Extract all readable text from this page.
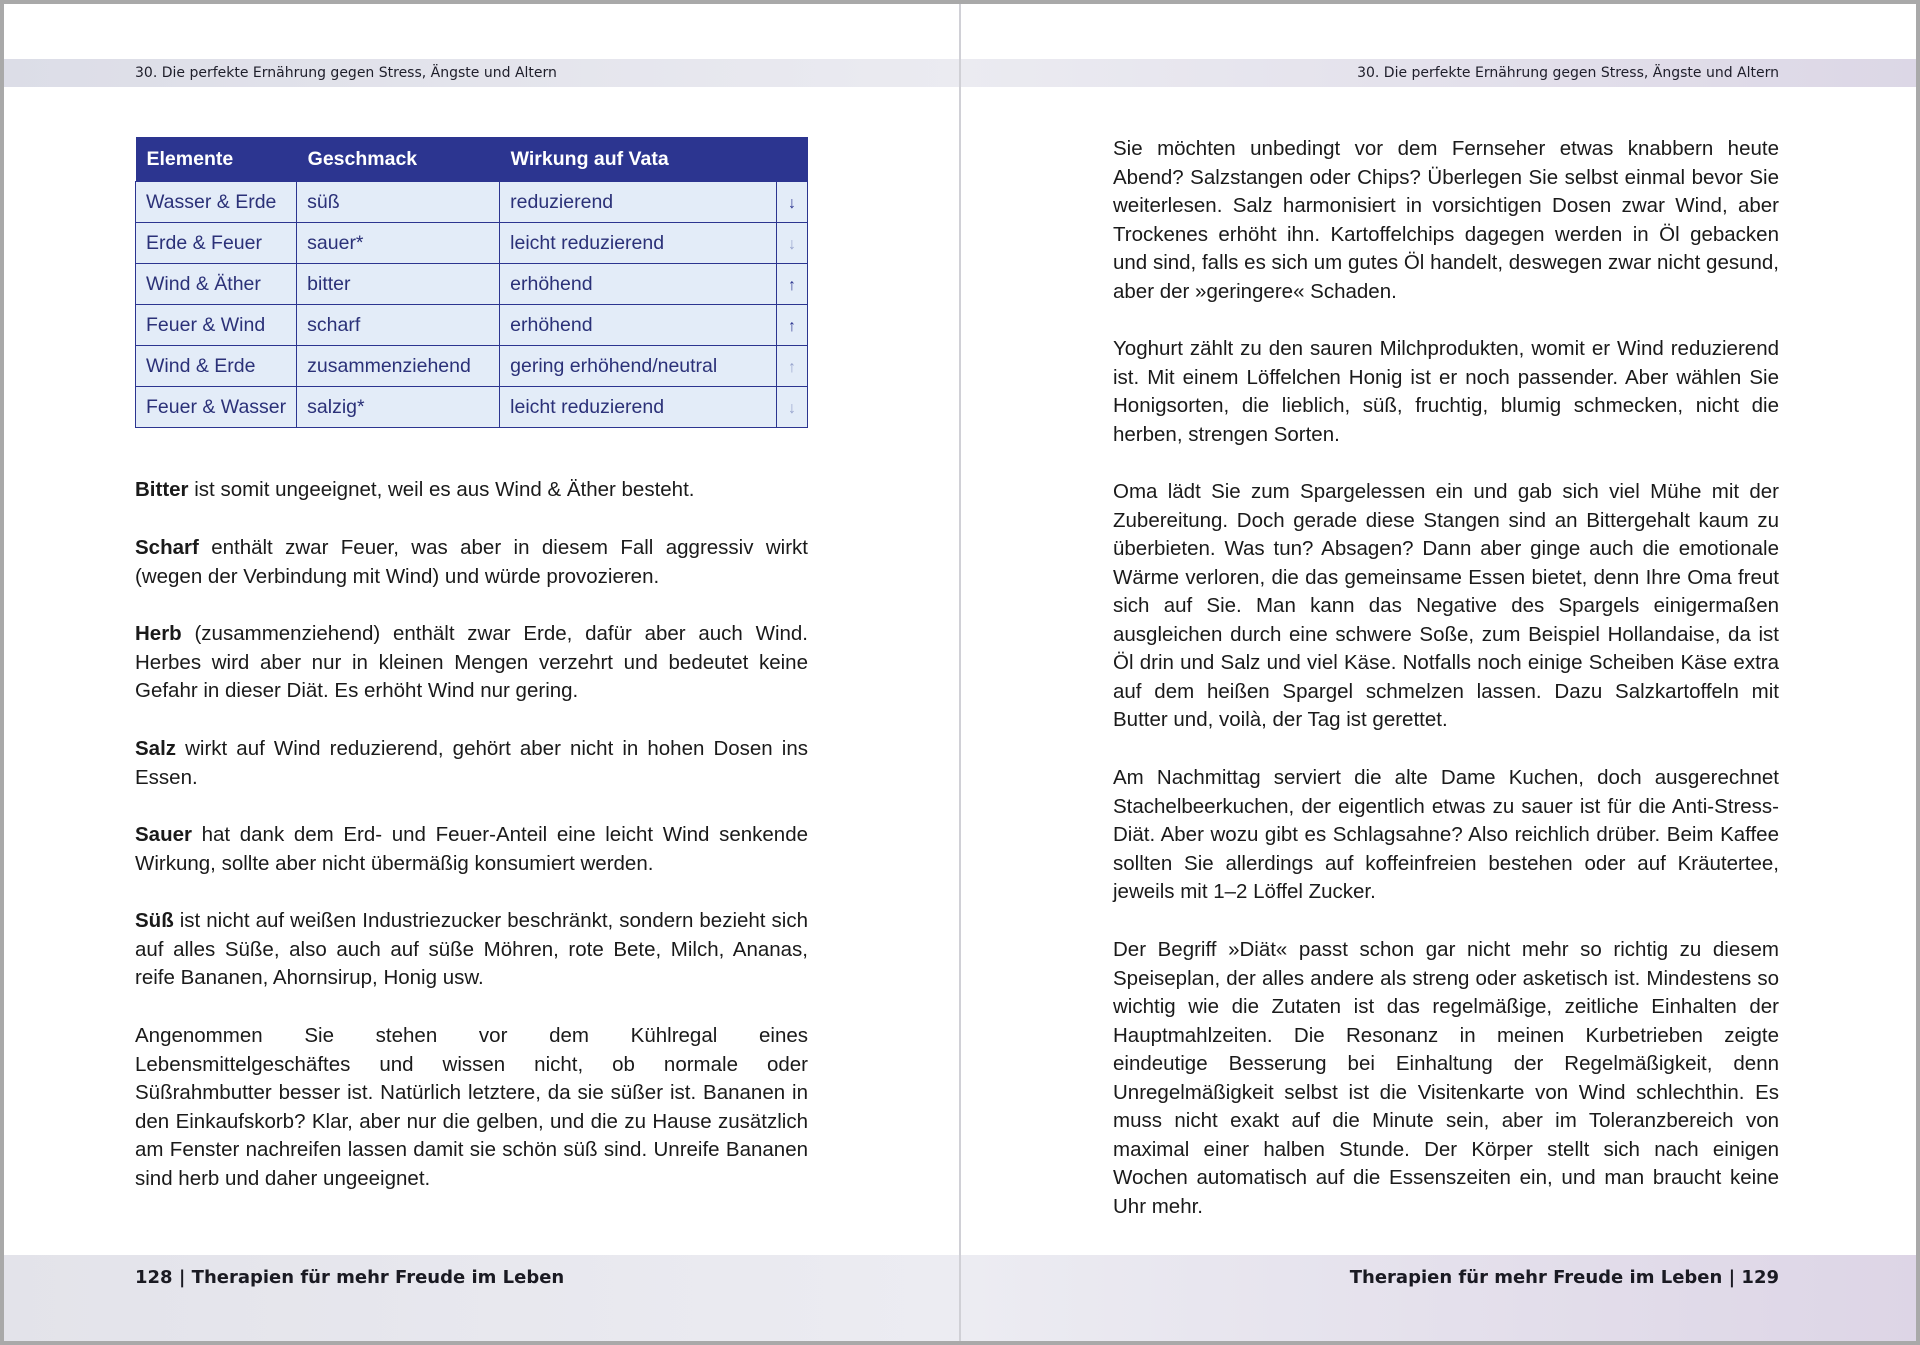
30. Die perfekte Ernährung gegen Stress, Ängste und Altern
Elemente	Geschmack	Wirkung auf Vata	
Wasser & Erde	süß	reduzierend	↓
Erde & Feuer	sauer*	leicht reduzierend	↓
Wind & Äther	bitter	erhöhend	↑
Feuer & Wind	scharf	erhöhend	↑
Wind & Erde	zusammenziehend	gering erhöhend/neutral	↑
Feuer & Wasser	salzig*	leicht reduzierend	↓

Bitter ist somit ungeeignet, weil es aus Wind & Äther besteht.

Scharf enthält zwar Feuer, was aber in diesem Fall aggressiv wirkt (wegen der Verbindung mit Wind) und würde provozieren.

Herb (zusammenziehend) enthält zwar Erde, dafür aber auch Wind. Herbes wird aber nur in kleinen Mengen verzehrt und bedeutet keine Gefahr in dieser Diät. Es erhöht Wind nur gering.

Salz wirkt auf Wind reduzierend, gehört aber nicht in hohen Dosen ins Essen.

Sauer hat dank dem Erd- und Feuer-Anteil eine leicht Wind senkende Wirkung, sollte aber nicht übermäßig konsumiert werden.

Süß ist nicht auf weißen Industriezucker beschränkt, sondern bezieht sich auf alles Süße, also auch auf süße Möhren, rote Bete, Milch, Ananas, reife Bananen, Ahornsirup, Honig usw.

Angenommen Sie stehen vor dem Kühlregal eines Lebensmittelgeschäftes und wissen nicht, ob normale oder Süßrahmbutter besser ist. Natürlich letztere, da sie süßer ist. Bananen in den Einkaufskorb? Klar, aber nur die gelben, und die zu Hause zusätzlich am Fenster nachreifen lassen damit sie schön süß sind. Unreife Bananen sind herb und daher ungeeignet.

128 | Therapien für mehr Freude im Leben
30. Die perfekte Ernährung gegen Stress, Ängste und Altern

Sie möchten unbedingt vor dem Fernseher etwas knabbern heute Abend? Salzstangen oder Chips? Überlegen Sie selbst einmal bevor Sie weiterlesen. Salz harmonisiert in vorsichtigen Dosen zwar Wind, aber Trockenes erhöht ihn. Kartoffelchips dagegen werden in Öl gebacken und sind, falls es sich um gutes Öl handelt, deswegen zwar nicht gesund, aber der »geringere« Schaden.

Yoghurt zählt zu den sauren Milchprodukten, womit er Wind reduzierend ist. Mit einem Löffelchen Honig ist er noch passender. Aber wählen Sie Honigsorten, die lieblich, süß, fruchtig, blumig schmecken, nicht die herben, strengen Sorten.

Oma lädt Sie zum Spargelessen ein und gab sich viel Mühe mit der Zubereitung. Doch gerade diese Stangen sind an Bittergehalt kaum zu überbieten. Was tun? Absagen? Dann aber ginge auch die emotionale Wärme verloren, die das gemeinsame Essen bietet, denn Ihre Oma freut sich auf Sie. Man kann das Negative des Spargels einigermaßen ausgleichen durch eine schwere Soße, zum Beispiel Hollandaise, da ist Öl drin und Salz und viel Käse. Notfalls noch einige Scheiben Käse extra auf dem heißen Spargel schmelzen lassen. Dazu Salzkartoffeln mit Butter und, voilà, der Tag ist gerettet.

Am Nachmittag serviert die alte Dame Kuchen, doch ausgerechnet Stachelbeerkuchen, der eigentlich etwas zu sauer ist für die Anti-Stress-Diät. Aber wozu gibt es Schlagsahne? Also reichlich drüber. Beim Kaffee sollten Sie allerdings auf koffeinfreien bestehen oder auf Kräutertee, jeweils mit 1–2 Löffel Zucker.

Der Begriff »Diät« passt schon gar nicht mehr so richtig zu diesem Speiseplan, der alles andere als streng oder asketisch ist. Mindestens so wichtig wie die Zutaten ist das regelmäßige, zeitliche Einhalten der Hauptmahlzeiten. Die Resonanz in meinen Kurbetrieben zeigte eindeutige Besserung bei Einhaltung der Regelmäßigkeit, denn Unregelmäßigkeit selbst ist die Visitenkarte von Wind schlechthin. Es muss nicht exakt auf die Minute sein, aber im Toleranzbereich von maximal einer halben Stunde. Der Körper stellt sich nach einigen Wochen automatisch auf die Essenszeiten ein, und man braucht keine Uhr mehr.

Therapien für mehr Freude im Leben | 129
